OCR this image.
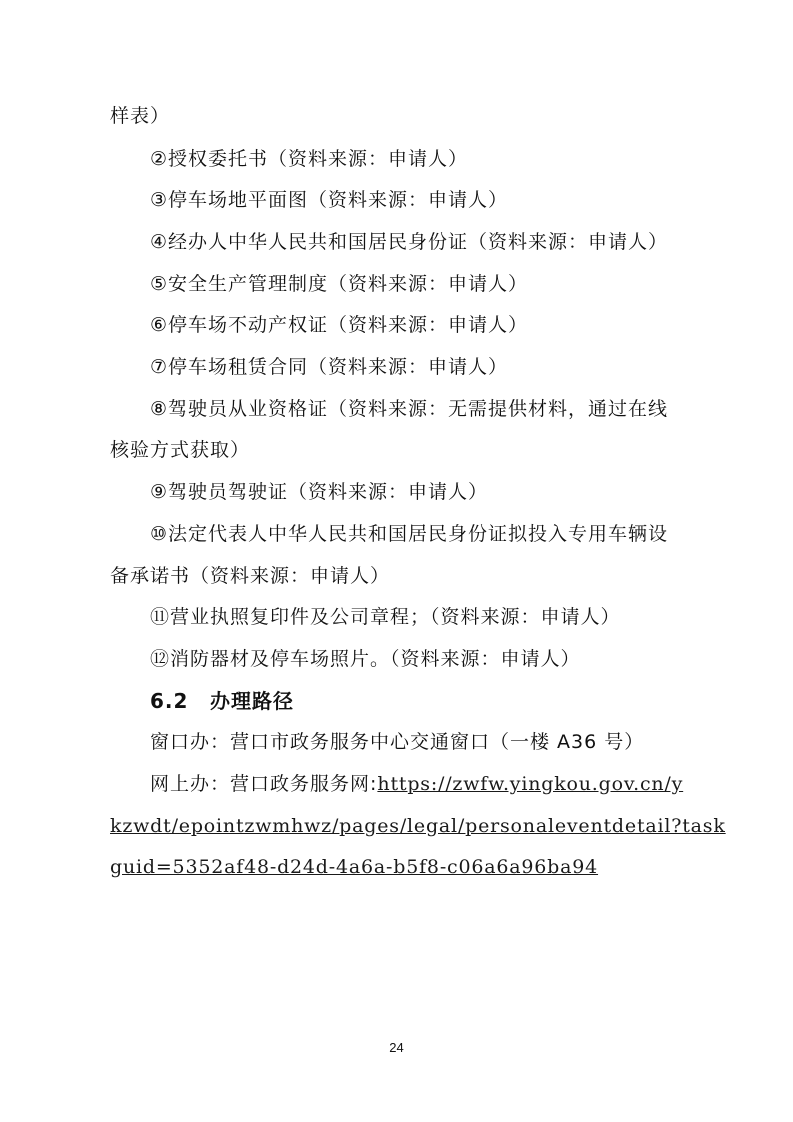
样表）
②授权委托书（资料来源：申请人）
③停车场地平面图（资料来源：申请人）
④经办人中华人民共和国居民身份证（资料来源：申请人）
⑤安全生产管理制度（资料来源：申请人）
⑥停车场不动产权证（资料来源：申请人）
⑦停车场租赁合同（资料来源：申请人）
⑧驾驶员从业资格证（资料来源：无需提供材料，通过在线
核验方式获取）
⑨驾驶员驾驶证（资料来源：申请人）
⑩法定代表人中华人民共和国居民身份证拟投入专用车辆设
备承诺书（资料来源：申请人）
⑪营业执照复印件及公司章程；（资料来源：申请人）
⑫消防器材及停车场照片。（资料来源：申请人）
6.2 办理路径
窗口办：营口市政务服务中心交通窗口（一楼 A36 号）
网上办：营口政务服务网:https://zwfw.yingkou.gov.cn/y
kzwdt/epointzwmhwz/pages/legal/personaleventdetail?task
guid=5352af48-d24d-4a6a-b5f8-c06a6a96ba94
24
